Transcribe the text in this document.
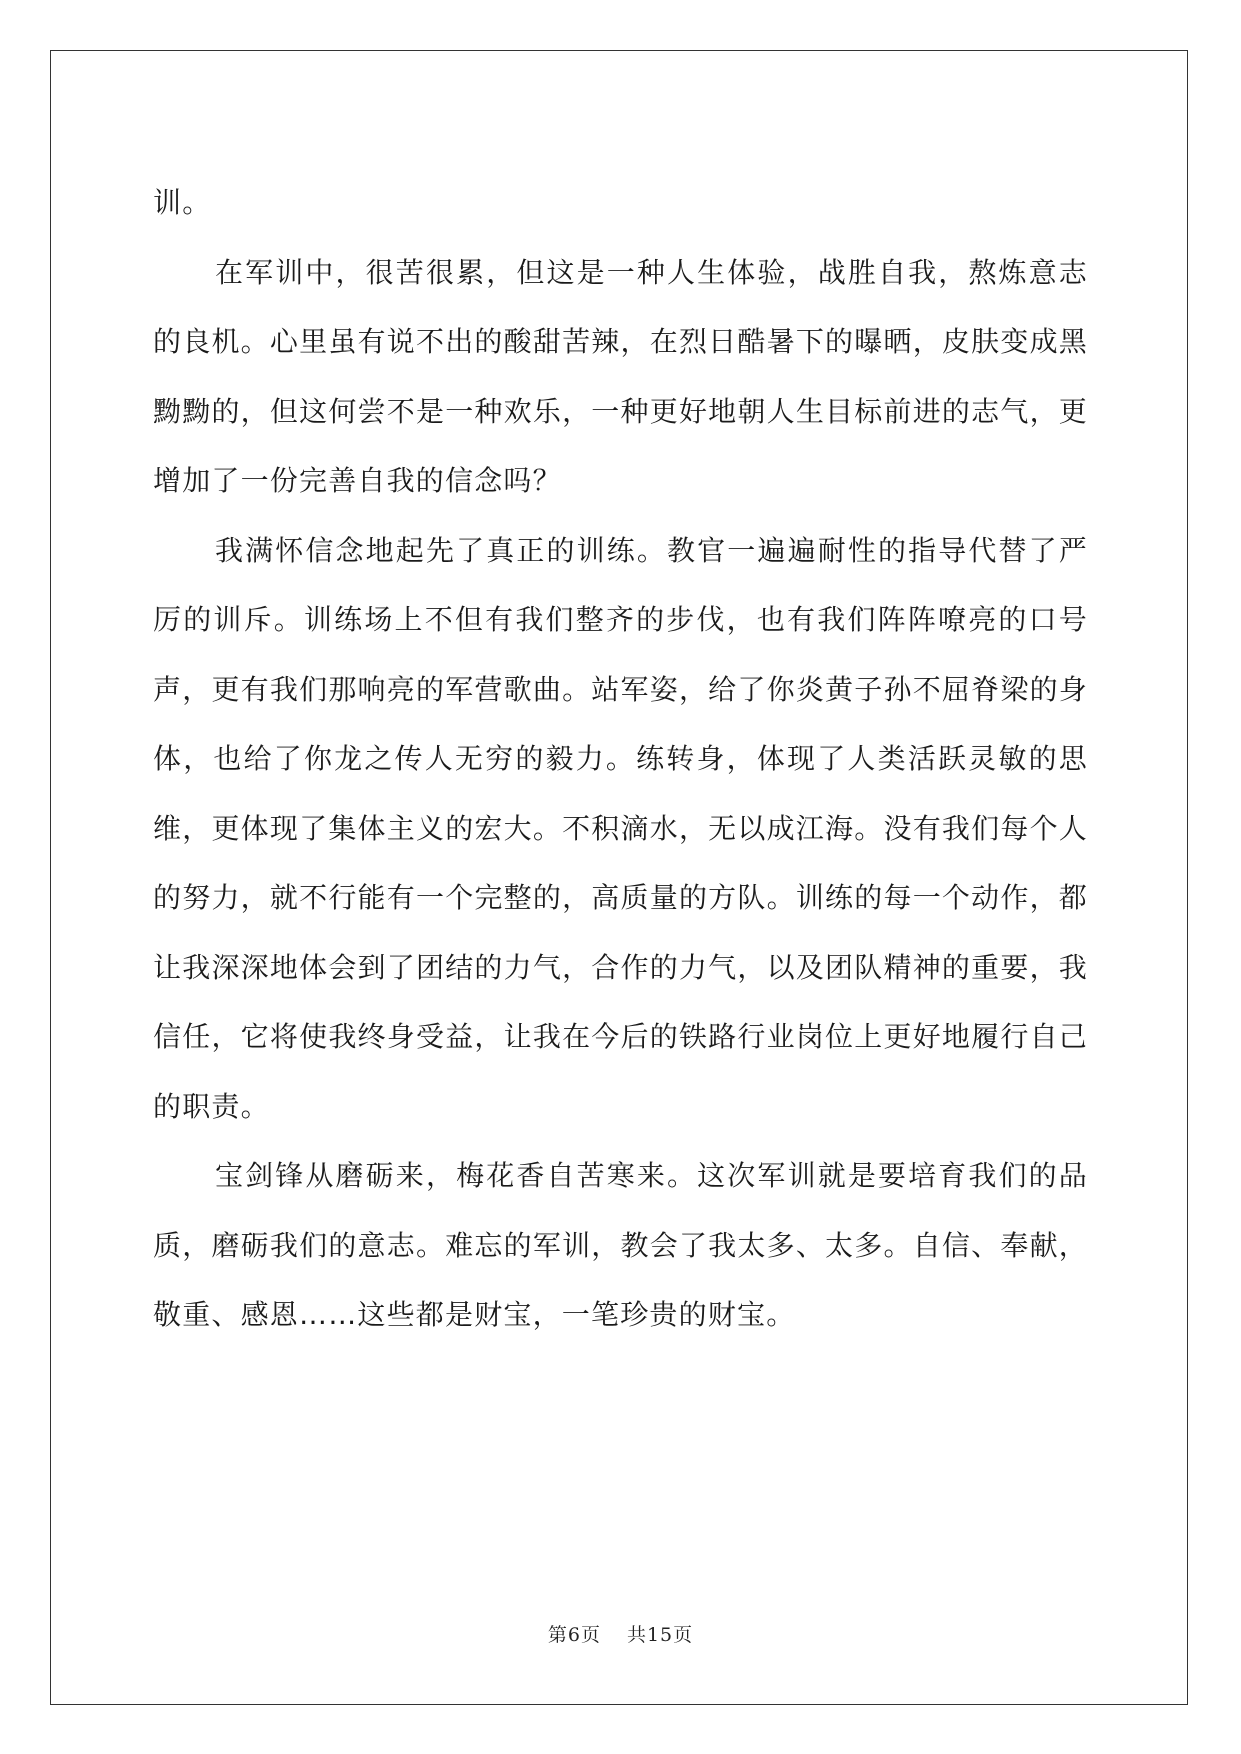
训。

在军训中，很苦很累，但这是一种人生体验，战胜自我，熬炼意志的良机。心里虽有说不出的酸甜苦辣，在烈日酷暑下的曝晒，皮肤变成黑黝黝的，但这何尝不是一种欢乐，一种更好地朝人生目标前进的志气，更增加了一份完善自我的信念吗？

我满怀信念地起先了真正的训练。教官一遍遍耐性的指导代替了严厉的训斥。训练场上不但有我们整齐的步伐，也有我们阵阵嘹亮的口号声，更有我们那响亮的军营歌曲。站军姿，给了你炎黄子孙不屈脊梁的身体，也给了你龙之传人无穷的毅力。练转身，体现了人类活跃灵敏的思维，更体现了集体主义的宏大。不积滴水，无以成江海。没有我们每个人的努力，就不行能有一个完整的，高质量的方队。训练的每一个动作，都让我深深地体会到了团结的力气，合作的力气，以及团队精神的重要，我信任，它将使我终身受益，让我在今后的铁路行业岗位上更好地履行自己的职责。

宝剑锋从磨砺来，梅花香自苦寒来。这次军训就是要培育我们的品质，磨砺我们的意志。难忘的军训，教会了我太多、太多。自信、奉献，敬重、感恩……这些都是财宝，一笔珍贵的财宝。

第6页 共15页
